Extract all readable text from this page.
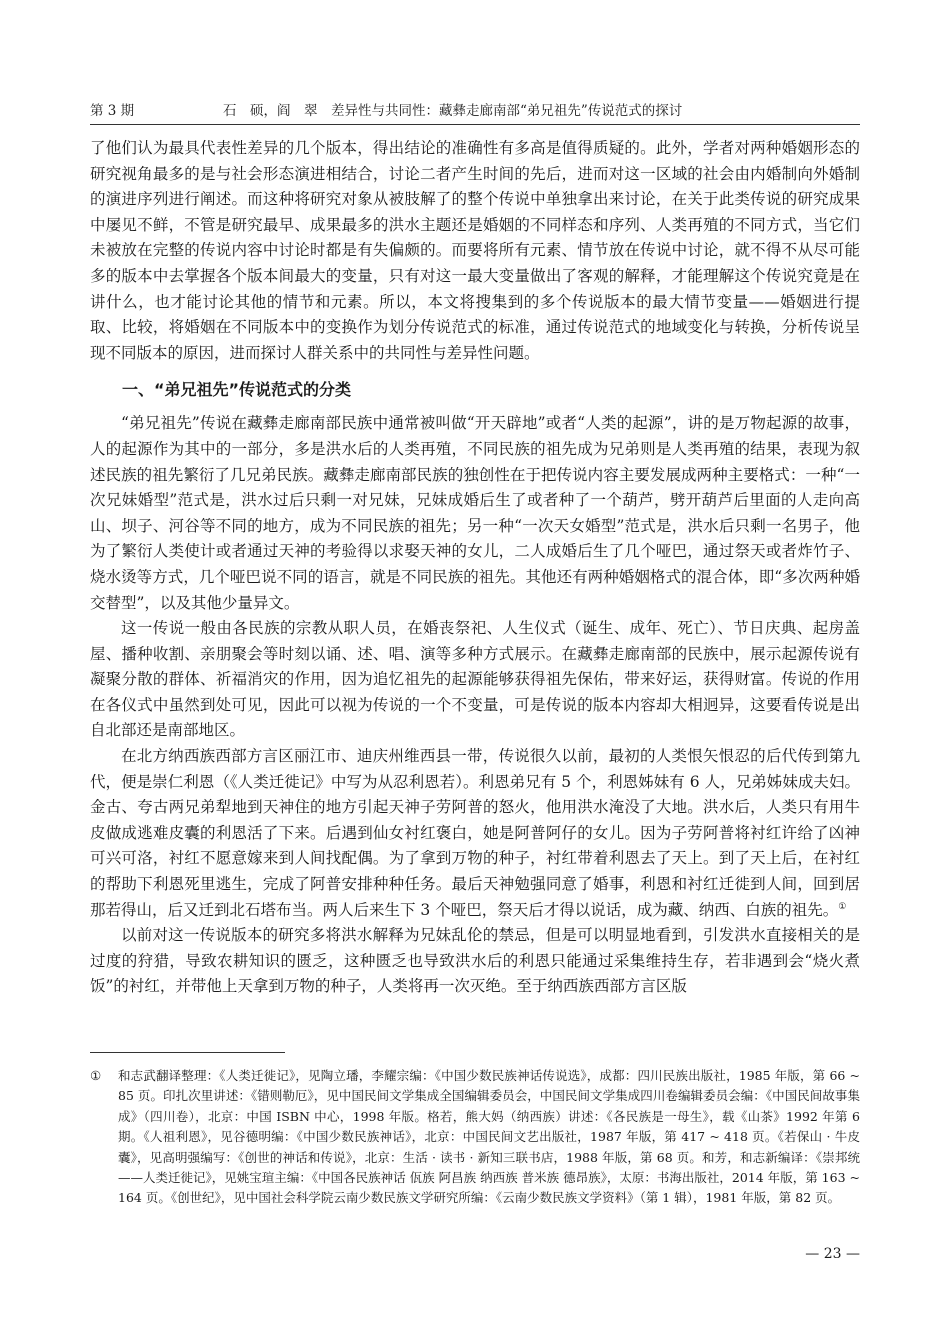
第 3 期	石　硕，阎　翠　差异性与共同性：藏彝走廊南部“弟兄祖先”传说范式的探讨

了他们认为最具代表性差异的几个版本，得出结论的准确性有多高是值得质疑的。此外，学者对两种婚姻形态的研究视角最多的是与社会形态演进相结合，讨论二者产生时间的先后，进而对这一区域的社会由内婚制向外婚制的演进序列进行阐述。而这种将研究对象从被肢解了的整个传说中单独拿出来讨论，在关于此类传说的研究成果中屡见不鲜，不管是研究最早、成果最多的洪水主题还是婚姻的不同样态和序列、人类再殖的不同方式，当它们未被放在完整的传说内容中讨论时都是有失偏颇的。而要将所有元素、情节放在传说中讨论，就不得不从尽可能多的版本中去掌握各个版本间最大的变量，只有对这一最大变量做出了客观的解释，才能理解这个传说究竟是在讲什么，也才能讨论其他的情节和元素。所以，本文将搜集到的多个传说版本的最大情节变量——婚姻进行提取、比较，将婚姻在不同版本中的变换作为划分传说范式的标准，通过传说范式的地域变化与转换，分析传说呈现不同版本的原因，进而探讨人群关系中的共同性与差异性问题。

一、“弟兄祖先”传说范式的分类

“弟兄祖先”传说在藏彝走廊南部民族中通常被叫做“开天辟地”或者“人类的起源”，讲的是万物起源的故事，人的起源作为其中的一部分，多是洪水后的人类再殖，不同民族的祖先成为兄弟则是人类再殖的结果，表现为叙述民族的祖先繁衍了几兄弟民族。藏彝走廊南部民族的独创性在于把传说内容主要发展成两种主要格式：一种“一次兄妹婚型”范式是，洪水过后只剩一对兄妹，兄妹成婚后生了或者种了一个葫芦，劈开葫芦后里面的人走向高山、坝子、河谷等不同的地方，成为不同民族的祖先；另一种“一次天女婚型”范式是，洪水后只剩一名男子，他为了繁衍人类使计或者通过天神的考验得以求娶天神的女儿，二人成婚后生了几个哑巴，通过祭天或者炸竹子、烧水烫等方式，几个哑巴说不同的语言，就是不同民族的祖先。其他还有两种婚姻格式的混合体，即“多次两种婚交替型”，以及其他少量异文。

这一传说一般由各民族的宗教从职人员，在婚丧祭祀、人生仪式（诞生、成年、死亡）、节日庆典、起房盖屋、播种收割、亲朋聚会等时刻以诵、述、唱、演等多种方式展示。在藏彝走廊南部的民族中，展示起源传说有凝聚分散的群体、祈福消灾的作用，因为追忆祖先的起源能够获得祖先保佑，带来好运，获得财富。传说的作用在各仪式中虽然到处可见，因此可以视为传说的一个不变量，可是传说的版本内容却大相迥异，这要看传说是出自北部还是南部地区。

在北方纳西族西部方言区丽江市、迪庆州维西县一带，传说很久以前，最初的人类恨矢恨忍的后代传到第九代，便是崇仁利恩（《人类迁徙记》中写为从忍利恩若）。利恩弟兄有 5 个，利恩姊妹有 6 人，兄弟姊妹成夫妇。金古、夸古两兄弟犁地到天神住的地方引起天神子劳阿普的怒火，他用洪水淹没了大地。洪水后，人类只有用牛皮做成逃难皮囊的利恩活了下来。后遇到仙女衬红褒白，她是阿普阿仔的女儿。因为子劳阿普将衬红许给了凶神可兴可洛，衬红不愿意嫁来到人间找配偶。为了拿到万物的种子，衬红带着利恩去了天上。到了天上后，在衬红的帮助下利恩死里逃生，完成了阿普安排种种任务。最后天神勉强同意了婚事，利恩和衬红迁徙到人间，回到居那若得山，后又迁到北石塔布当。两人后来生下 3 个哑巴，祭天后才得以说话，成为藏、纳西、白族的祖先。①

以前对这一传说版本的研究多将洪水解释为兄妹乱伦的禁忌，但是可以明显地看到，引发洪水直接相关的是过度的狩猎，导致农耕知识的匮乏，这种匮乏也导致洪水后的利恩只能通过采集维持生存，若非遇到会“烧火煮饭”的衬红，并带他上天拿到万物的种子，人类将再一次灭绝。至于纳西族西部方言区版

① 和志武翻译整理：《人类迁徙记》，见陶立璠，李耀宗编：《中国少数民族神话传说选》，成都：四川民族出版社，1985 年版，第 66 ~ 85 页。印扎次里讲述：《错则勒厄》，见中国民间文学集成全国编辑委员会，中国民间文学集成四川卷编辑委员会编：《中国民间故事集成》（四川卷），北京：中国 ISBN 中心，1998 年版。格若，熊大妈（纳西族）讲述：《各民族是一母生》，载《山茶》1992 年第 6 期。《人祖利恩》，见谷德明编：《中国少数民族神话》，北京：中国民间文艺出版社，1987 年版，第 417 ~ 418 页。《若保山 · 牛皮囊》，见高明强编写：《创世的神话和传说》，北京：生活 · 读书 · 新知三联书店，1988 年版，第 68 页。和芳，和志新编译：《崇邦统——人类迁徙记》，见姚宝瑄主编：《中国各民族神话 佤族 阿昌族 纳西族 普米族 德昂族》，太原：书海出版社，2014 年版，第 163 ~ 164 页。《创世纪》，见中国社会科学院云南少数民族文学研究所编：《云南少数民族文学资料》（第 1 辑），1981 年版，第 82 页。
— 23 —
